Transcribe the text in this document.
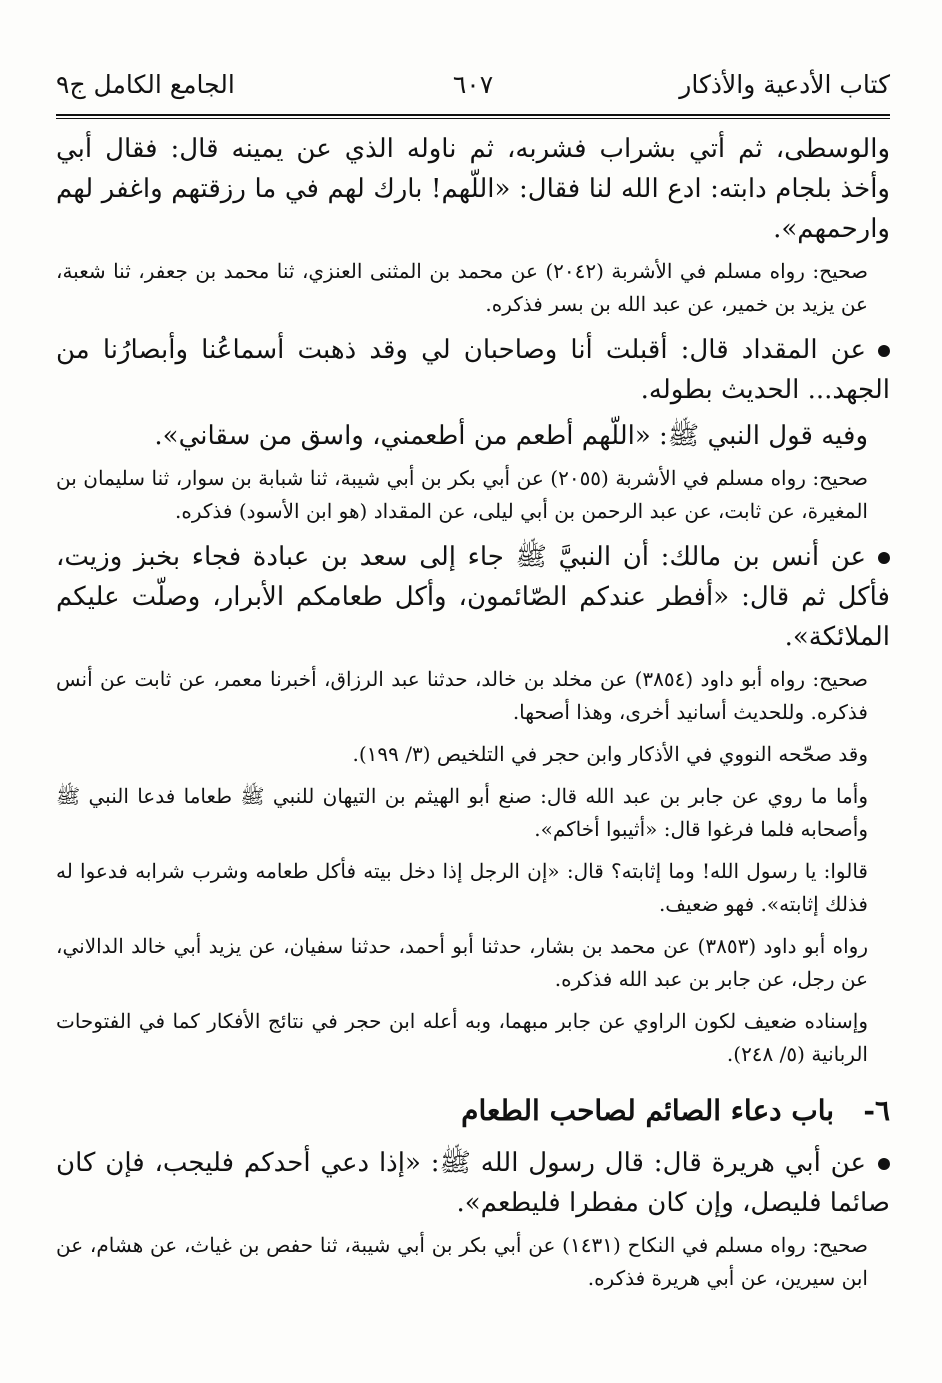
كتاب الأدعية والأذكار
٦٠٧
الجامع الكامل ج٩

والوسطى، ثم أتي بشراب فشربه، ثم ناوله الذي عن يمينه قال: فقال أبي وأخذ بلجام دابته: ادع الله لنا فقال: «اللّهم! بارك لهم في ما رزقتهم واغفر لهم وارحمهم».

صحيح: رواه مسلم في الأشربة (٢٠٤٢) عن محمد بن المثنى العنزي، ثنا محمد بن جعفر، ثنا شعبة، عن يزيد بن خمير، عن عبد الله بن بسر فذكره.

عن المقداد قال: أقبلت أنا وصاحبان لي وقد ذهبت أسماعُنا وأبصارُنا من الجهد... الحديث بطوله.

وفيه قول النبي ﷺ: «اللّهم أطعم من أطعمني، واسق من سقاني».

صحيح: رواه مسلم في الأشربة (٢٠٥٥) عن أبي بكر بن أبي شيبة، ثنا شبابة بن سوار، ثنا سليمان بن المغيرة، عن ثابت، عن عبد الرحمن بن أبي ليلى، عن المقداد (هو ابن الأسود) فذكره.

عن أنس بن مالك: أن النبيَّ ﷺ جاء إلى سعد بن عبادة فجاء بخبز وزيت، فأكل ثم قال: «أفطر عندكم الصّائمون، وأكل طعامكم الأبرار، وصلّت عليكم الملائكة».

صحيح: رواه أبو داود (٣٨٥٤) عن مخلد بن خالد، حدثنا عبد الرزاق، أخبرنا معمر، عن ثابت عن أنس فذكره. وللحديث أسانيد أخرى، وهذا أصحها.

وقد صحّحه النووي في الأذكار وابن حجر في التلخيص (٣/ ١٩٩).

وأما ما روي عن جابر بن عبد الله قال: صنع أبو الهيثم بن التيهان للنبي ﷺ طعاما فدعا النبي ﷺ وأصحابه فلما فرغوا قال: «أثيبوا أخاكم».

قالوا: يا رسول الله! وما إثابته؟ قال: «إن الرجل إذا دخل بيته فأكل طعامه وشرب شرابه فدعوا له فذلك إثابته». فهو ضعيف.

رواه أبو داود (٣٨٥٣) عن محمد بن بشار، حدثنا أبو أحمد، حدثنا سفيان، عن يزيد أبي خالد الدالاني، عن رجل، عن جابر بن عبد الله فذكره.

وإسناده ضعيف لكون الراوي عن جابر مبهما، وبه أعله ابن حجر في نتائج الأفكار كما في الفتوحات الربانية (٥/ ٢٤٨).

٦-   باب دعاء الصائم لصاحب الطعام

عن أبي هريرة قال: قال رسول الله ﷺ: «إذا دعي أحدكم فليجب، فإن كان صائما فليصل، وإن كان مفطرا فليطعم».

صحيح: رواه مسلم في النكاح (١٤٣١) عن أبي بكر بن أبي شيبة، ثنا حفص بن غياث، عن هشام، عن ابن سيرين، عن أبي هريرة فذكره.
